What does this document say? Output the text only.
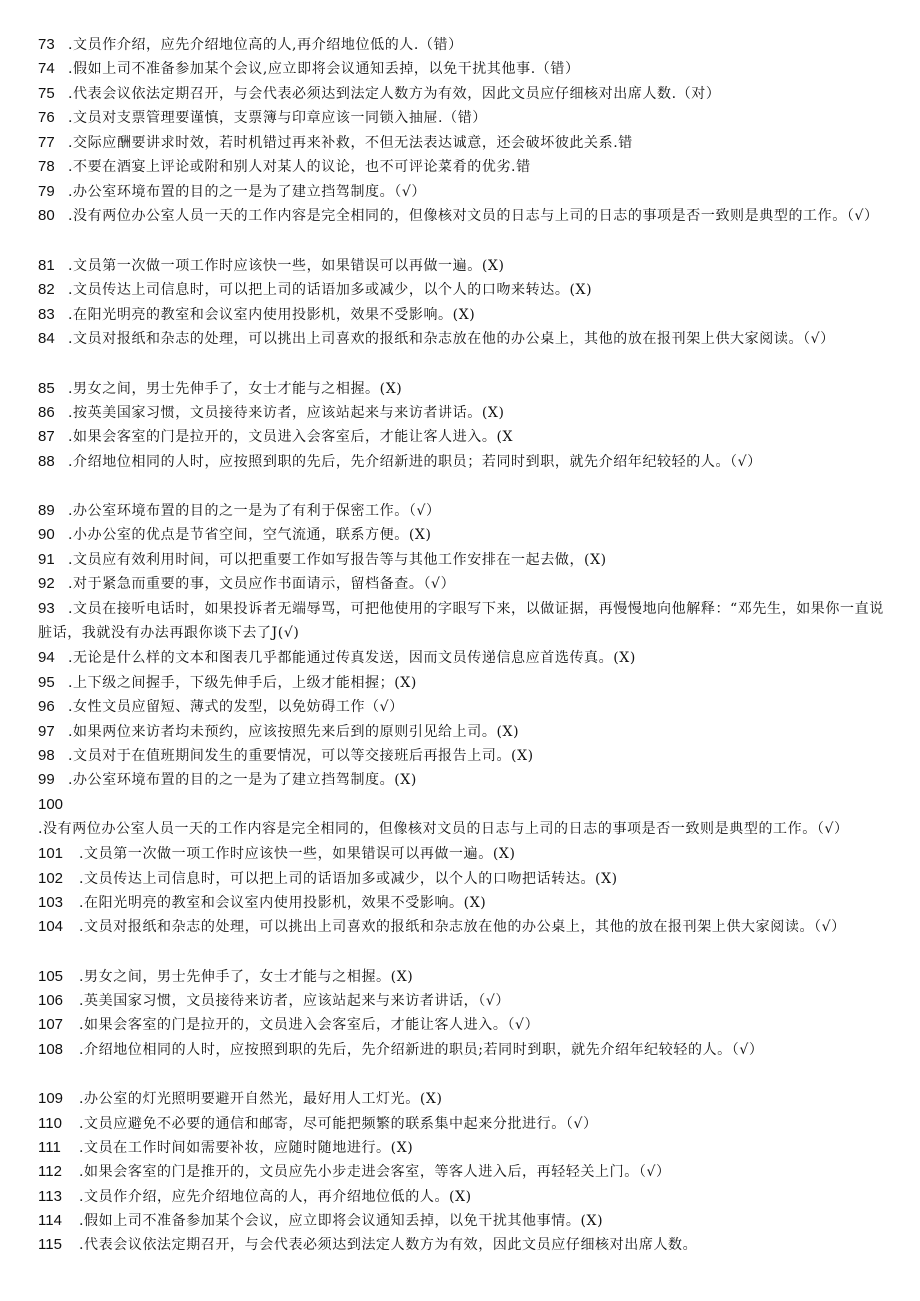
73 .文员作介绍，应先介绍地位高的人,再介绍地位低的人.（错）
74 .假如上司不准备参加某个会议,应立即将会议通知丢掉，以免干扰其他事.（错）
75 .代表会议依法定期召开，与会代表必须达到法定人数方为有效，因此文员应仔细核对出席人数.（对）
76 .文员对支票管理要谨慎，支票簿与印章应该一同锁入抽屉.（错）
77 .交际应酬要讲求时效，若时机错过再来补救，不但无法表达诚意，还会破坏彼此关系.错
78 .不要在酒宴上评论或附和别人对某人的议论，也不可评论菜肴的优劣.错
79 .办公室环境布置的目的之一是为了建立挡驾制度。（√）
80 .没有两位办公室人员一天的工作内容是完全相同的，但像核对文员的日志与上司的日志的事项是否一致则是典型的工作。（√）
81 .文员第一次做一项工作时应该快一些，如果错误可以再做一遍。(X)
82 .文员传达上司信息时，可以把上司的话语加多或减少，以个人的口吻来转达。(X)
83 .在阳光明亮的教室和会议室内使用投影机，效果不受影响。(X)
84 .文员对报纸和杂志的处理，可以挑出上司喜欢的报纸和杂志放在他的办公桌上，其他的放在报刊架上供大家阅读。（√）
85 .男女之间，男士先伸手了，女士才能与之相握。(X)
86 .按英美国家习惯，文员接待来访者，应该站起来与来访者讲话。(X)
87 .如果会客室的门是拉开的，文员进入会客室后，才能让客人进入。(X
88 .介绍地位相同的人时，应按照到职的先后，先介绍新进的职员；若同时到职，就先介绍年纪较轻的人。（√）
89 .办公室环境布置的目的之一是为了有利于保密工作。（√）
90 .小办公室的优点是节省空间，空气流通，联系方便。(X)
91 .文员应有效利用时间，可以把重要工作如写报告等与其他工作安排在一起去做，(X)
92 .对于紧急而重要的事，文员应作书面请示，留档备查。（√）
93 .文员在接听电话时，如果投诉者无端辱骂，可把他使用的字眼写下来，以做证据，再慢慢地向他解释：“邓先生，如果你一直说脏话，我就没有办法再跟你谈下去了J(√)
94 .无论是什么样的文本和图表几乎都能通过传真发送，因而文员传递信息应首选传真。(X)
95 .上下级之间握手，下级先伸手后，上级才能相握；(X)
96 .女性文员应留短、薄式的发型，以免妨碍工作（√）
97 .如果两位来访者均未预约，应该按照先来后到的原则引见给上司。(X)
98 .文员对于在值班期间发生的重要情况，可以等交接班后再报告上司。(X)
99 .办公室环境布置的目的之一是为了建立挡驾制度。(X)
100.没有两位办公室人员一天的工作内容是完全相同的，但像核对文员的日志与上司的日志的事项是否一致则是典型的工作。（√）
101 .文员第一次做一项工作时应该快一些，如果错误可以再做一遍。(X)
102 .文员传达上司信息时，可以把上司的话语加多或减少，以个人的口吻把话转达。(X)
103 .在阳光明亮的教室和会议室内使用投影机，效果不受影响。(X)
104 .文员对报纸和杂志的处理，可以挑出上司喜欢的报纸和杂志放在他的办公桌上，其他的放在报刊架上供大家阅读。（√）
105 .男女之间，男士先伸手了，女士才能与之相握。(X)
106 .英美国家习惯，文员接待来访者，应该站起来与来访者讲话，（√）
107 .如果会客室的门是拉开的，文员进入会客室后，才能让客人进入。（√）
108 .介绍地位相同的人时，应按照到职的先后，先介绍新进的职员;若同时到职，就先介绍年纪较轻的人。（√）
109 .办公室的灯光照明要避开自然光，最好用人工灯光。(X)
110 .文员应避免不必要的通信和邮寄，尽可能把频繁的联系集中起来分批进行。（√）
111 .文员在工作时间如需要补妆，应随时随地进行。(X)
112 .如果会客室的门是推开的，文员应先小步走进会客室，等客人进入后，再轻轻关上门。（√）
113 .文员作介绍，应先介绍地位高的人，再介绍地位低的人。(X)
114 .假如上司不准备参加某个会议，应立即将会议通知丢掉，以免干扰其他事情。(X)
115 .代表会议依法定期召开，与会代表必须达到法定人数方为有效，因此文员应仔细核对出席人数。
